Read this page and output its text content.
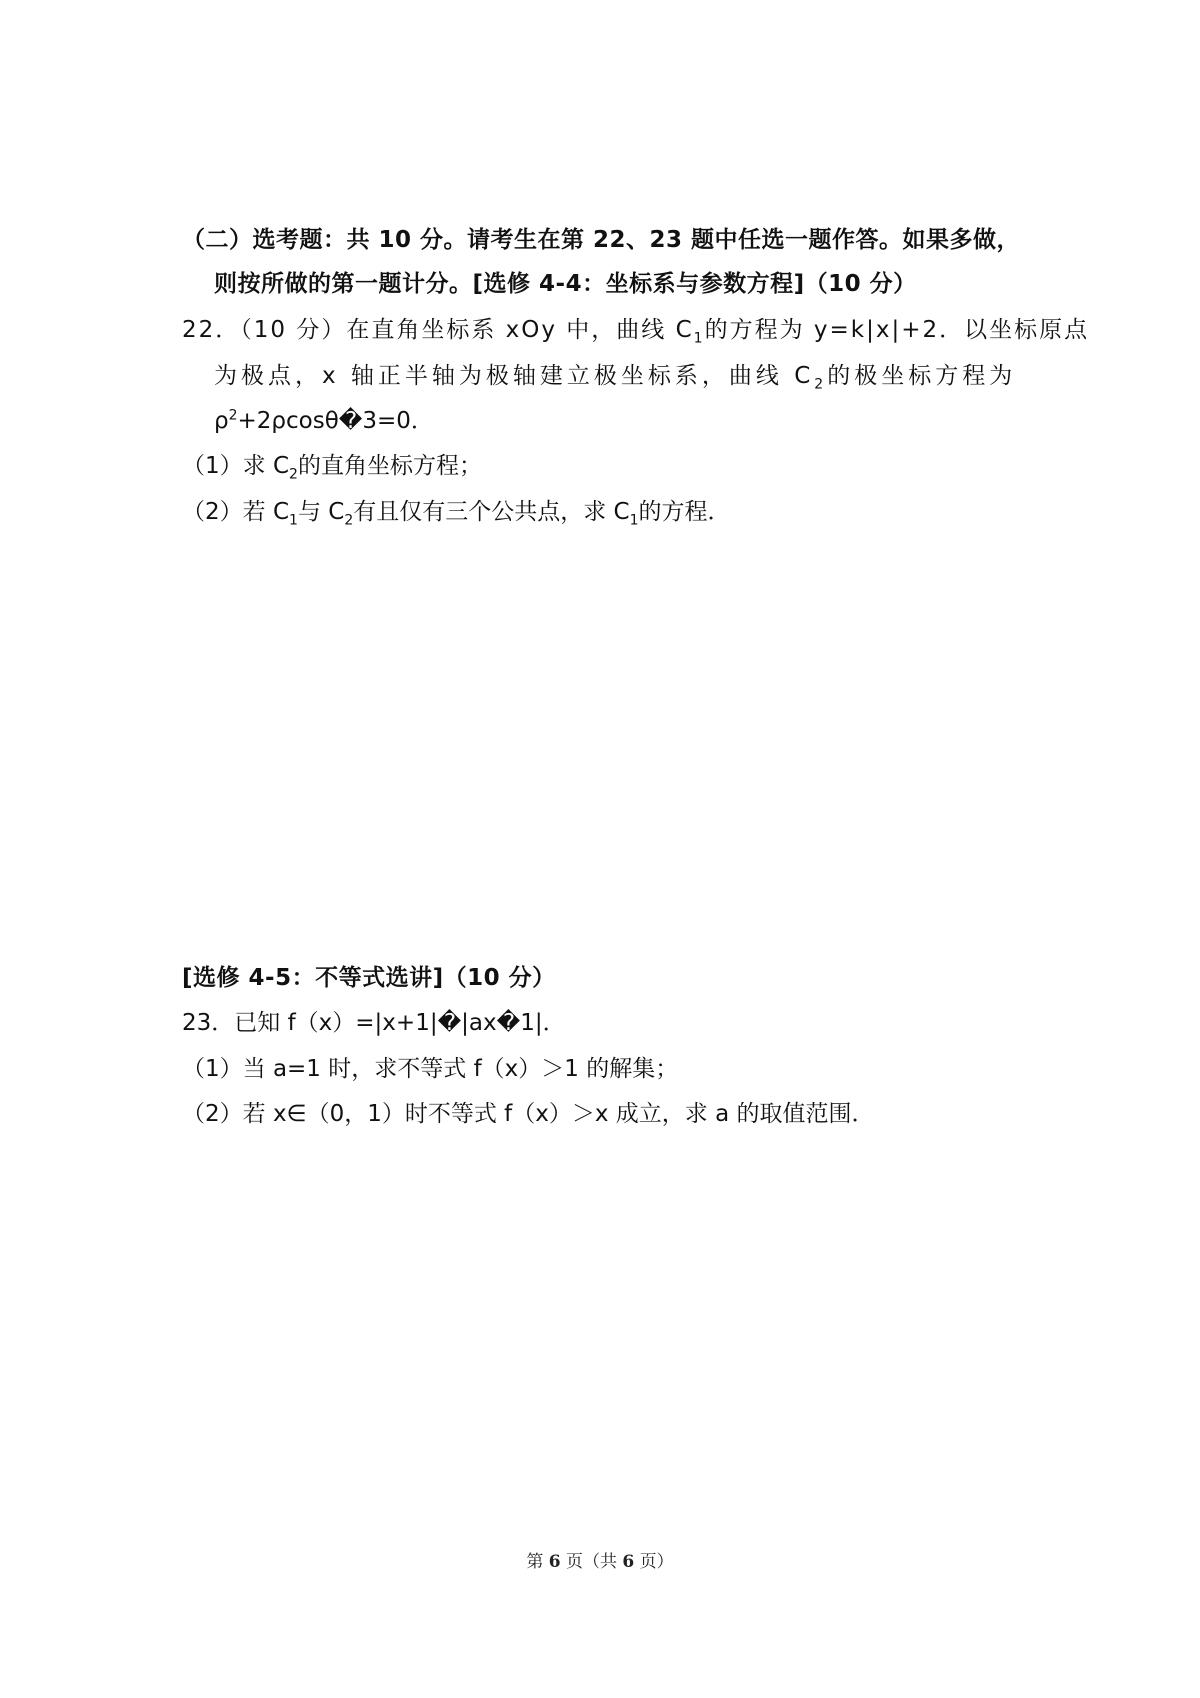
（二）选考题：共 10 分。请考生在第 22、23 题中任选一题作答。如果多做，
则按所做的第一题计分。[选修 4-4：坐标系与参数方程]（10 分）
22．（10 分）在直角坐标系 xOy 中，曲线 $C_1$的方程为 y=k|x|+2．以坐标原点
为极点，x 轴正半轴为极轴建立极坐标系，曲线 $C_2$的极坐标方程为
$\rho^2+2\rho\cos\theta�3=0$．
（1）求 $C_2$的直角坐标方程；
（2）若 $C_1$与 $C_2$有且仅有三个公共点，求 $C_1$的方程．
[选修 4-5：不等式选讲]（10 分）
23．已知 f（x）=|x+1|�|ax�1|．
（1）当 a=1 时，求不等式 f（x）＞1 的解集；
（2）若 x∈（0，1）时不等式 f（x）＞x 成立，求 a 的取值范围．
第 6 页（共 6 页）
